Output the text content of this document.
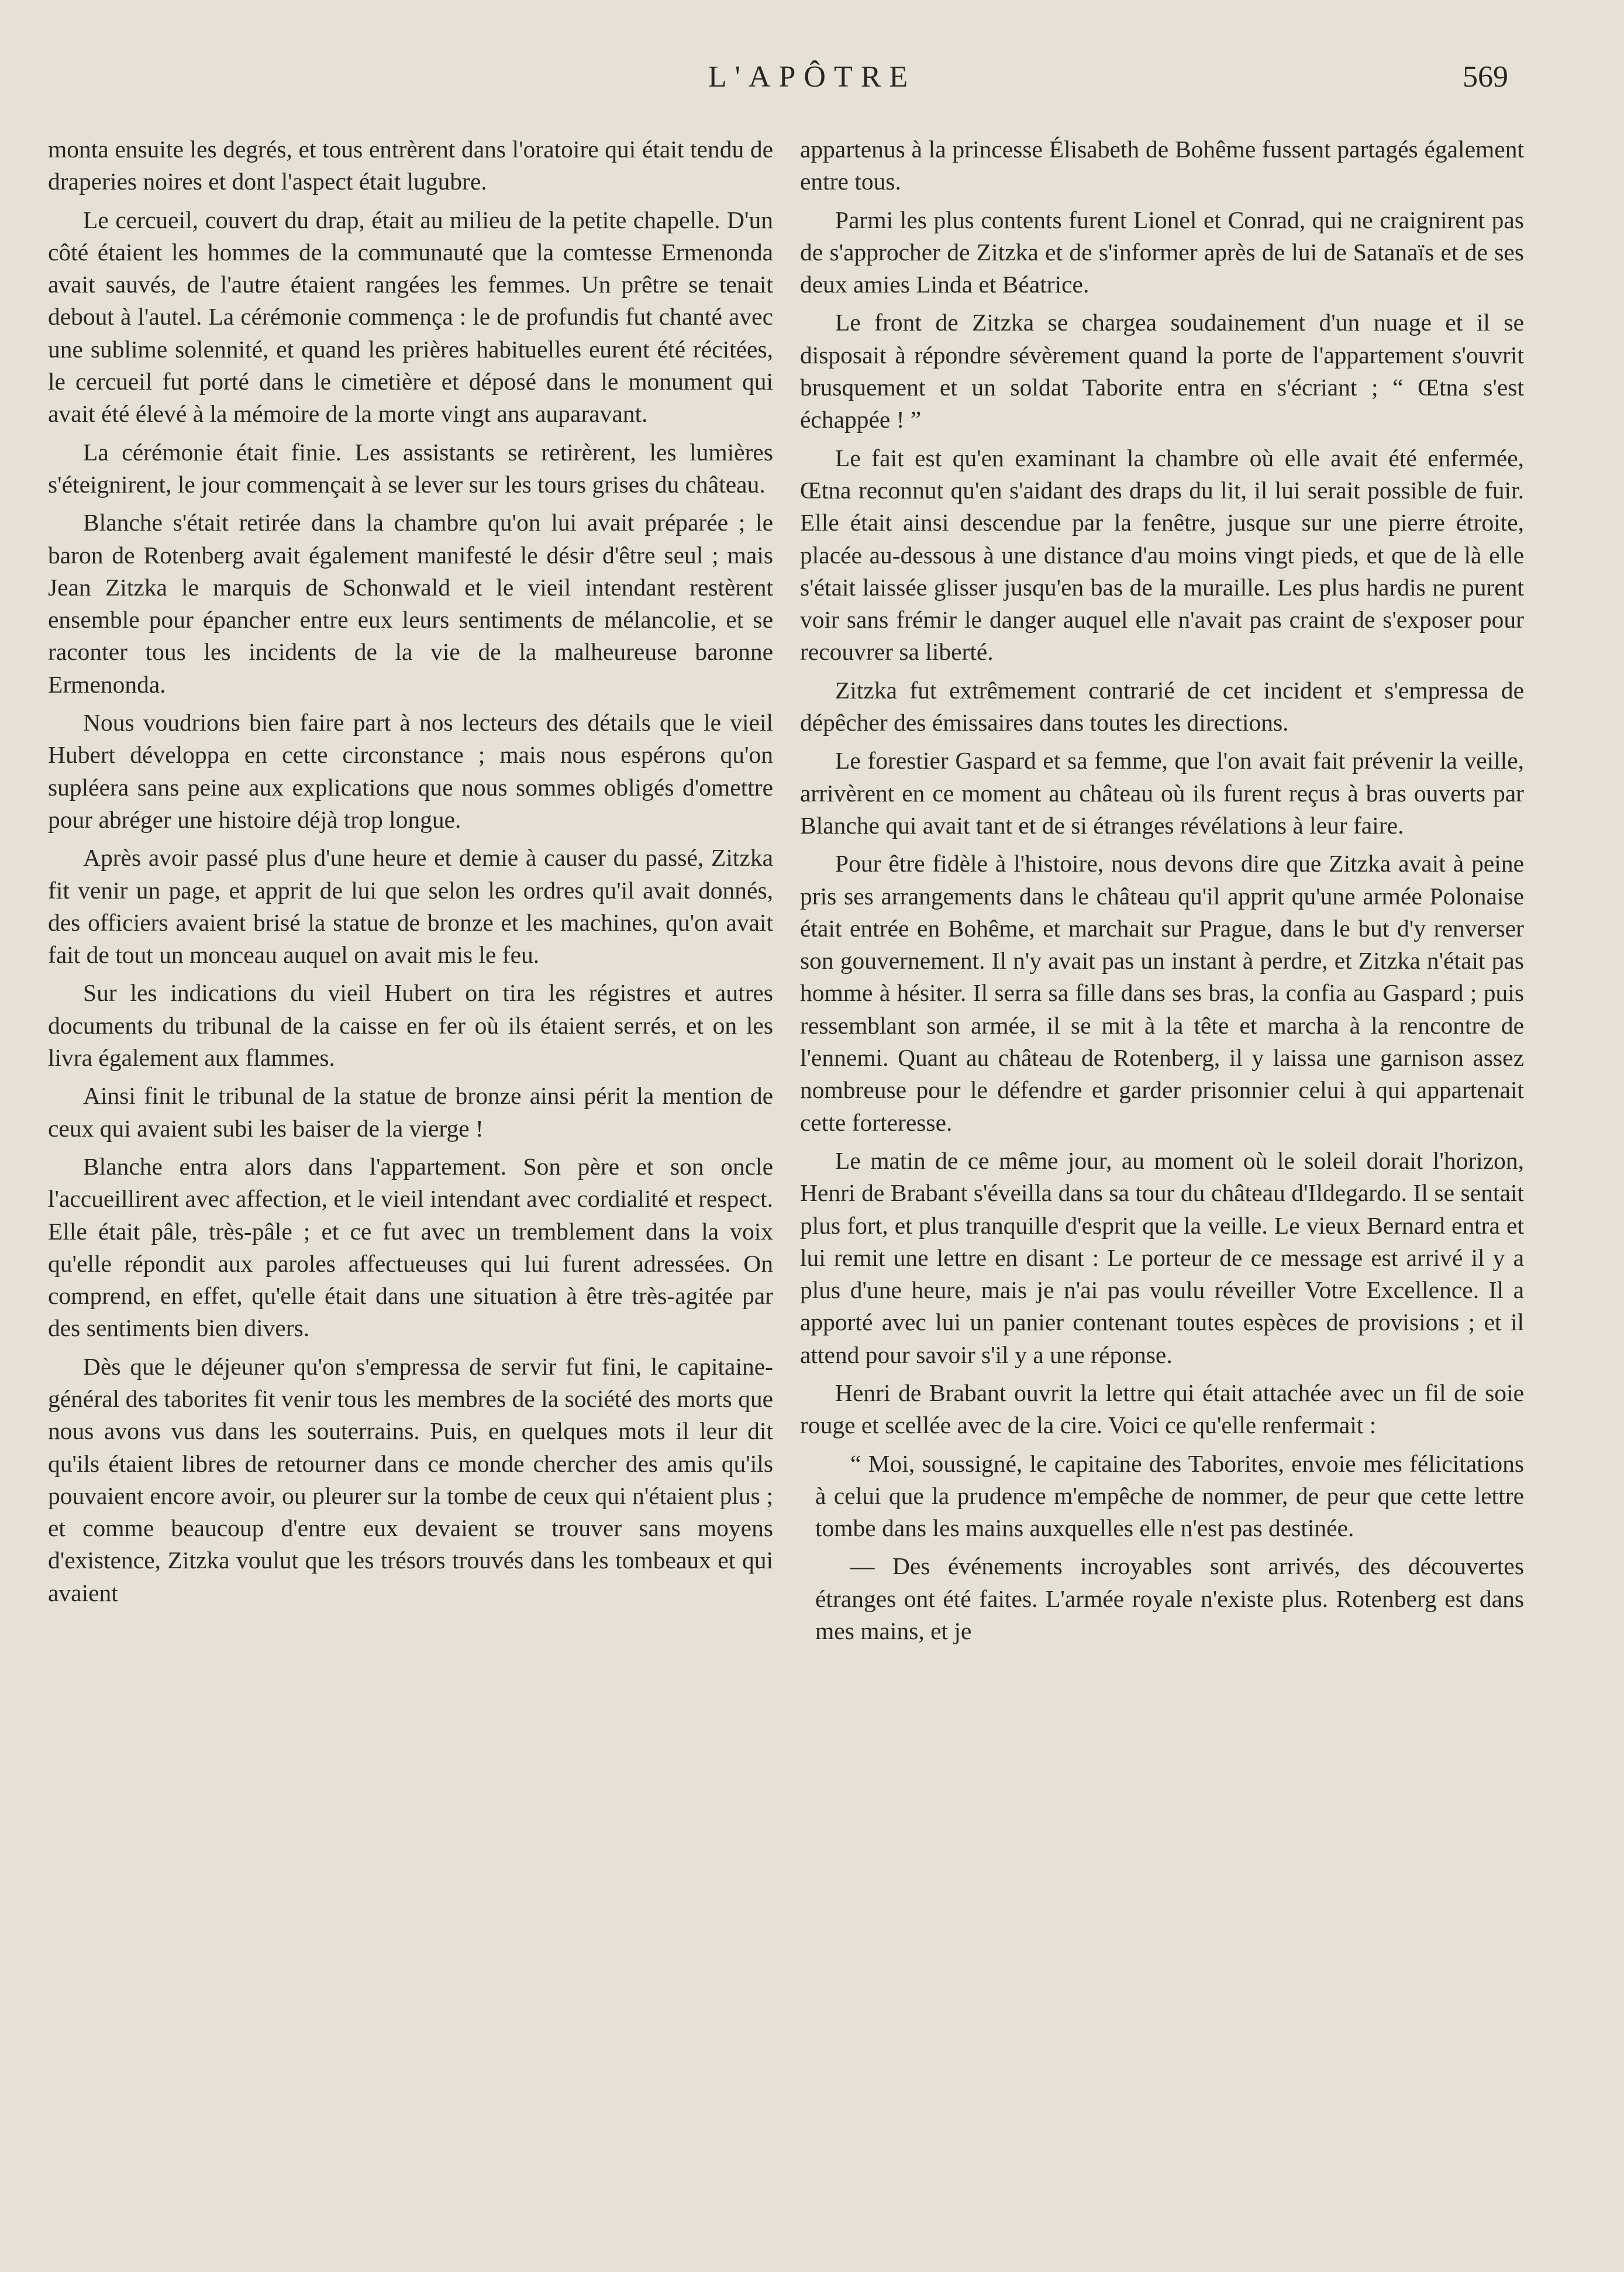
L'APÔTRE	569

monta ensuite les degrés, et tous entrèrent dans l'oratoire qui était tendu de draperies noires et dont l'aspect était lugubre.

Le cercueil, couvert du drap, était au milieu de la petite chapelle. D'un côté étaient les hommes de la communauté que la comtesse Ermenonda avait sauvés, de l'autre étaient rangées les femmes. Un prêtre se tenait debout à l'autel. La cérémonie commença : le de profundis fut chanté avec une sublime solennité, et quand les prières habituelles eurent été récitées, le cercueil fut porté dans le cimetière et déposé dans le monument qui avait été élevé à la mémoire de la morte vingt ans auparavant.

La cérémonie était finie. Les assistants se retirèrent, les lumières s'éteignirent, le jour commençait à se lever sur les tours grises du château.

Blanche s'était retirée dans la chambre qu'on lui avait préparée ; le baron de Rotenberg avait également manifesté le désir d'être seul ; mais Jean Zitzka le marquis de Schonwald et le vieil intendant restèrent ensemble pour épancher entre eux leurs sentiments de mélancolie, et se raconter tous les incidents de la vie de la malheureuse baronne Ermenonda.

Nous voudrions bien faire part à nos lecteurs des détails que le vieil Hubert développa en cette circonstance ; mais nous espérons qu'on supléera sans peine aux explications que nous sommes obligés d'omettre pour abréger une histoire déjà trop longue.

Après avoir passé plus d'une heure et demie à causer du passé, Zitzka fit venir un page, et apprit de lui que selon les ordres qu'il avait donnés, des officiers avaient brisé la statue de bronze et les machines, qu'on avait fait de tout un monceau auquel on avait mis le feu.

Sur les indications du vieil Hubert on tira les régistres et autres documents du tribunal de la caisse en fer où ils étaient serrés, et on les livra également aux flammes.

Ainsi finit le tribunal de la statue de bronze ainsi périt la mention de ceux qui avaient subi les baiser de la vierge !

Blanche entra alors dans l'appartement. Son père et son oncle l'accueillirent avec affection, et le vieil intendant avec cordialité et respect. Elle était pâle, très-pâle ; et ce fut avec un tremblement dans la voix qu'elle répondit aux paroles affectueuses qui lui furent adressées. On comprend, en effet, qu'elle était dans une situation à être très-agitée par des sentiments bien divers.

Dès que le déjeuner qu'on s'empressa de servir fut fini, le capitaine-général des taborites fit venir tous les membres de la société des morts que nous avons vus dans les souterrains. Puis, en quelques mots il leur dit qu'ils étaient libres de retourner dans ce monde chercher des amis qu'ils pouvaient encore avoir, ou pleurer sur la tombe de ceux qui n'étaient plus ; et comme beaucoup d'entre eux devaient se trouver sans moyens d'existence, Zitzka voulut que les trésors trouvés dans les tombeaux et qui avaient

appartenus à la princesse Élisabeth de Bohême fussent partagés également entre tous.

Parmi les plus contents furent Lionel et Conrad, qui ne craignirent pas de s'approcher de Zitzka et de s'informer après de lui de Satanaïs et de ses deux amies Linda et Béatrice.

Le front de Zitzka se chargea soudainement d'un nuage et il se disposait à répondre sévèrement quand la porte de l'appartement s'ouvrit brusquement et un soldat Taborite entra en s'écriant ; “ Œtna s'est échappée ! ”

Le fait est qu'en examinant la chambre où elle avait été enfermée, Œtna reconnut qu'en s'aidant des draps du lit, il lui serait possible de fuir. Elle était ainsi descendue par la fenêtre, jusque sur une pierre étroite, placée au-dessous à une distance d'au moins vingt pieds, et que de là elle s'était laissée glisser jusqu'en bas de la muraille. Les plus hardis ne purent voir sans frémir le danger auquel elle n'avait pas craint de s'exposer pour recouvrer sa liberté.

Zitzka fut extrêmement contrarié de cet incident et s'empressa de dépêcher des émissaires dans toutes les directions.

Le forestier Gaspard et sa femme, que l'on avait fait prévenir la veille, arrivèrent en ce moment au château où ils furent reçus à bras ouverts par Blanche qui avait tant et de si étranges révélations à leur faire.

Pour être fidèle à l'histoire, nous devons dire que Zitzka avait à peine pris ses arrangements dans le château qu'il apprit qu'une armée Polonaise était entrée en Bohême, et marchait sur Prague, dans le but d'y renverser son gouvernement. Il n'y avait pas un instant à perdre, et Zitzka n'était pas homme à hésiter. Il serra sa fille dans ses bras, la confia au Gaspard ; puis ressemblant son armée, il se mit à la tête et marcha à la rencontre de l'ennemi. Quant au château de Rotenberg, il y laissa une garnison assez nombreuse pour le défendre et garder prisonnier celui à qui appartenait cette forteresse.

Le matin de ce même jour, au moment où le soleil dorait l'horizon, Henri de Brabant s'éveilla dans sa tour du château d'Ildegardo. Il se sentait plus fort, et plus tranquille d'esprit que la veille. Le vieux Bernard entra et lui remit une lettre en disant : Le porteur de ce message est arrivé il y a plus d'une heure, mais je n'ai pas voulu réveiller Votre Excellence. Il a apporté avec lui un panier contenant toutes espèces de provisions ; et il attend pour savoir s'il y a une réponse.

Henri de Brabant ouvrit la lettre qui était attachée avec un fil de soie rouge et scellée avec de la cire. Voici ce qu'elle renfermait :

“ Moi, soussigné, le capitaine des Taborites, envoie mes félicitations à celui que la prudence m'empêche de nommer, de peur que cette lettre tombe dans les mains auxquelles elle n'est pas destinée.

— Des événements incroyables sont arrivés, des découvertes étranges ont été faites. L'armée royale n'existe plus. Rotenberg est dans mes mains, et je
